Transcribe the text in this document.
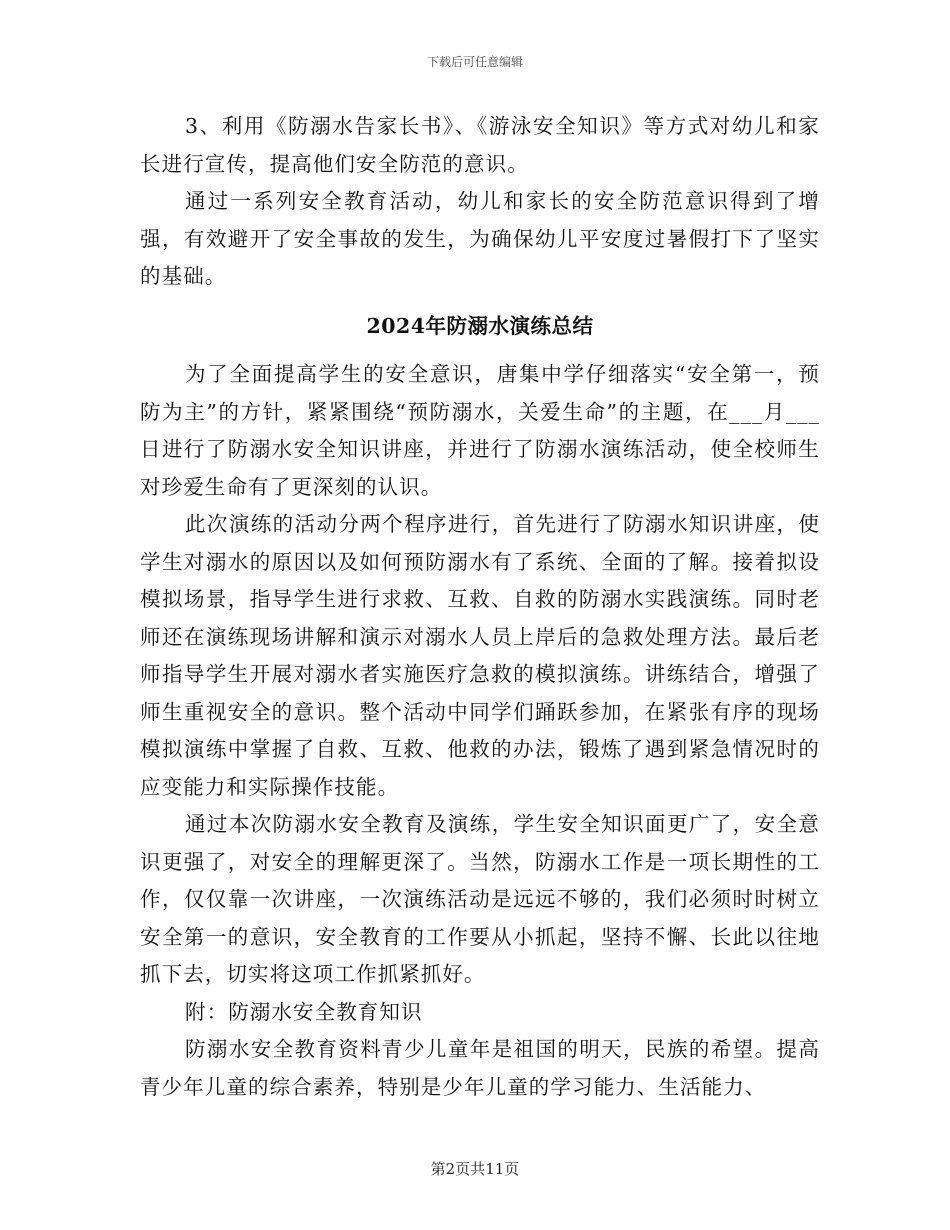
下载后可任意编辑

3、利用《防溺水告家长书》、《游泳安全知识》等方式对幼儿和家长进行宣传，提高他们安全防范的意识。

通过一系列安全教育活动，幼儿和家长的安全防范意识得到了增强，有效避开了安全事故的发生，为确保幼儿平安度过暑假打下了坚实的基础。

2024年防溺水演练总结

为了全面提高学生的安全意识，唐集中学仔细落实“安全第一，预防为主”的方针，紧紧围绕“预防溺水，关爱生命”的主题，在___月___日进行了防溺水安全知识讲座，并进行了防溺水演练活动，使全校师生对珍爱生命有了更深刻的认识。

此次演练的活动分两个程序进行，首先进行了防溺水知识讲座，使学生对溺水的原因以及如何预防溺水有了系统、全面的了解。接着拟设模拟场景，指导学生进行求救、互救、自救的防溺水实践演练。同时老师还在演练现场讲解和演示对溺水人员上岸后的急救处理方法。最后老师指导学生开展对溺水者实施医疗急救的模拟演练。讲练结合，增强了师生重视安全的意识。整个活动中同学们踊跃参加，在紧张有序的现场模拟演练中掌握了自救、互救、他救的办法，锻炼了遇到紧急情况时的应变能力和实际操作技能。

通过本次防溺水安全教育及演练，学生安全知识面更广了，安全意识更强了，对安全的理解更深了。当然，防溺水工作是一项长期性的工作，仅仅靠一次讲座，一次演练活动是远远不够的，我们必须时时树立安全第一的意识，安全教育的工作要从小抓起，坚持不懈、长此以往地抓下去，切实将这项工作抓紧抓好。

附：防溺水安全教育知识

防溺水安全教育资料青少儿童年是祖国的明天，民族的希望。提高青少年儿童的综合素养，特别是少年儿童的学习能力、生活能力、

第2页共11页
